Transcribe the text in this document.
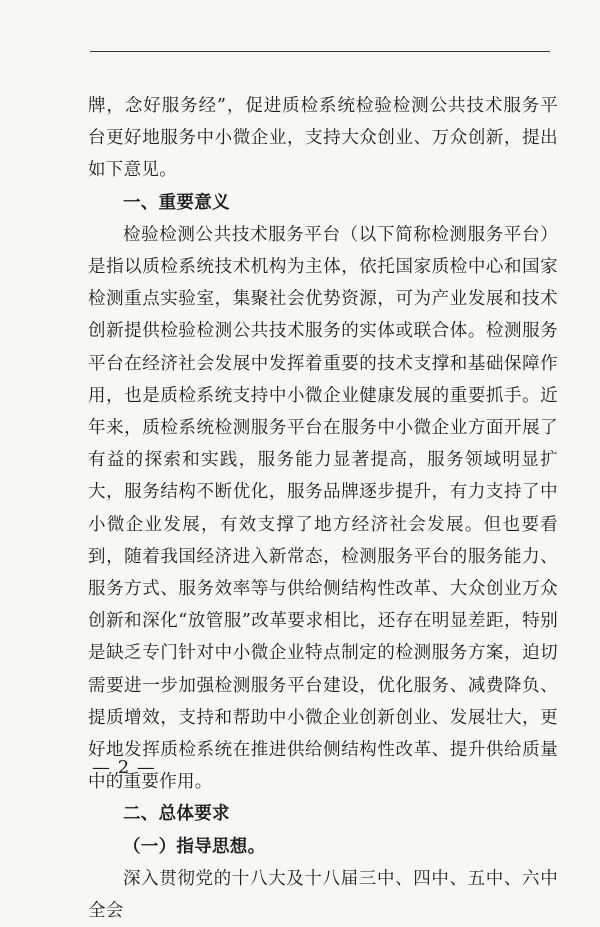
牌，念好服务经”，促进质检系统检验检测公共技术服务平台更好地服务中小微企业，支持大众创业、万众创新，提出如下意见。

一、重要意义

检验检测公共技术服务平台（以下简称检测服务平台）是指以质检系统技术机构为主体，依托国家质检中心和国家检测重点实验室，集聚社会优势资源，可为产业发展和技术创新提供检验检测公共技术服务的实体或联合体。检测服务平台在经济社会发展中发挥着重要的技术支撑和基础保障作用，也是质检系统支持中小微企业健康发展的重要抓手。近年来，质检系统检测服务平台在服务中小微企业方面开展了有益的探索和实践，服务能力显著提高，服务领域明显扩大，服务结构不断优化，服务品牌逐步提升，有力支持了中小微企业发展，有效支撑了地方经济社会发展。但也要看到，随着我国经济进入新常态，检测服务平台的服务能力、服务方式、服务效率等与供给侧结构性改革、大众创业万众创新和深化“放管服”改革要求相比，还存在明显差距，特别是缺乏专门针对中小微企业特点制定的检测服务方案，迫切需要进一步加强检测服务平台建设，优化服务、减费降负、提质增效，支持和帮助中小微企业创新创业、发展壮大，更好地发挥质检系统在推进供给侧结构性改革、提升供给质量中的重要作用。

二、总体要求

（一）指导思想。

深入贯彻党的十八大及十八届三中、四中、五中、六中全会

— 2 —
